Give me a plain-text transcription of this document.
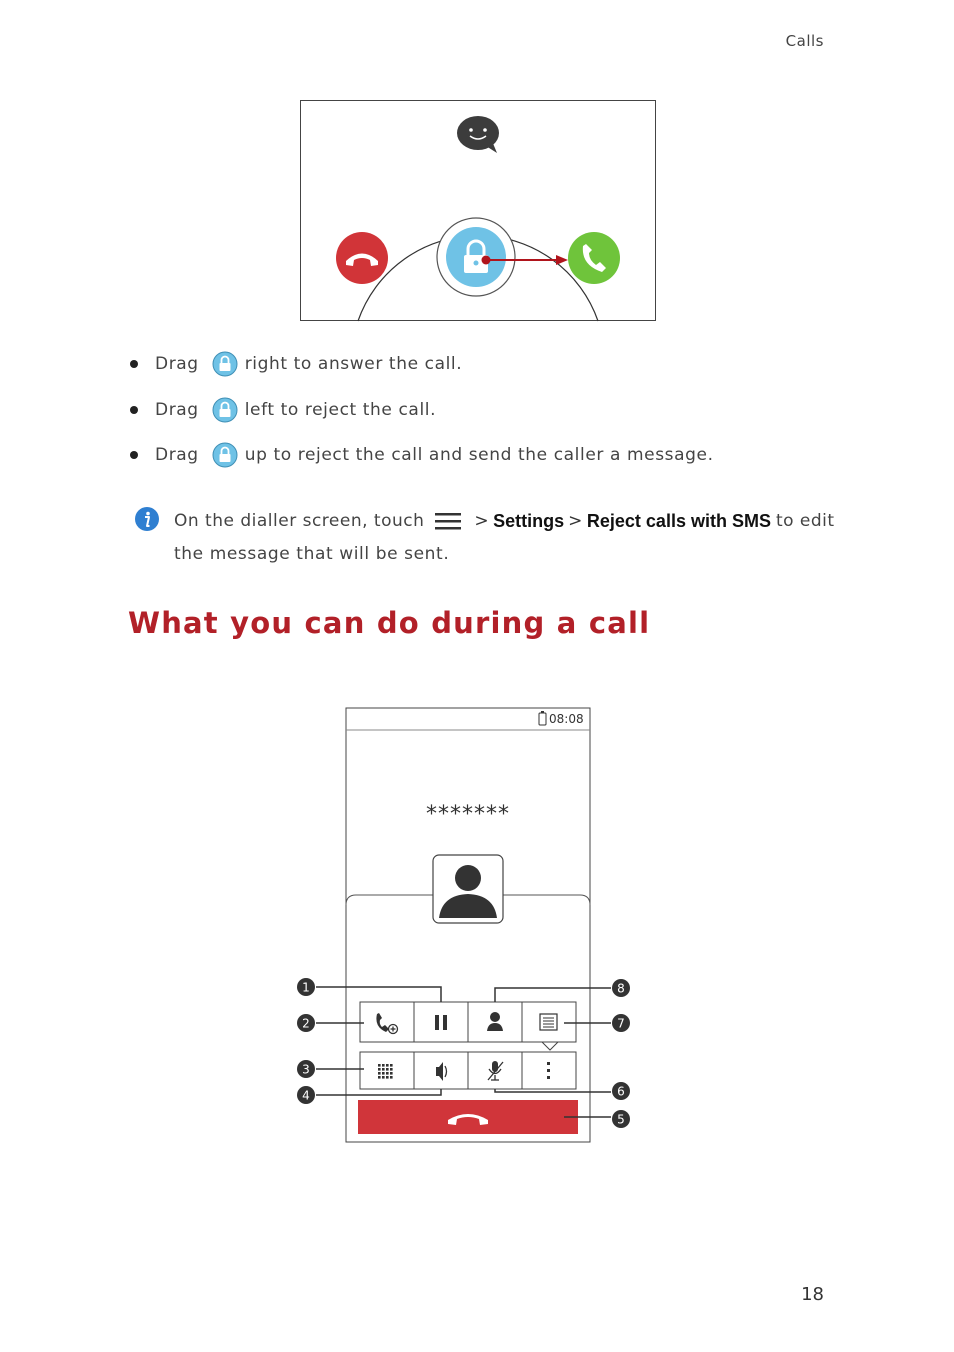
Calls
Drag	right to answer the call.
Drag	left to reject the call.
Drag	up to reject the call and send the caller a message.
On the dialler screen, touch	> Settings > Reject calls with SMS to edit
the message that will be sent.
What you can do during a call
1
2
3
4
5
6
7
8
08:08
*******
18
